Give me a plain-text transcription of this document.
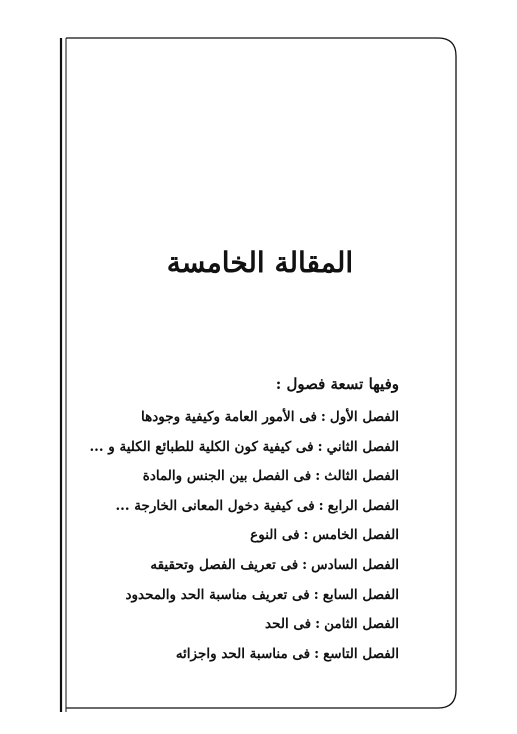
المقالة الخامسة
وفيها تسعة فصول :
الفصل الأول:فى الأمور العامة وكيفية وجودها
الفصل الثاني:فى كيفية كون الكلية للطبائع الكلية و ...
الفصل الثالث:فى الفصل بين الجنس والمادة
الفصل الرابع:فى كيفية دخول المعانى الخارجة ...
الفصل الخامس:فى النوع
الفصل السادس:فى تعريف الفصل وتحقيقه
الفصل السابع:فى تعريف مناسبة الحد والمحدود
الفصل الثامن:فى الحد
الفصل التاسع:فى مناسبة الحد واجزائه
